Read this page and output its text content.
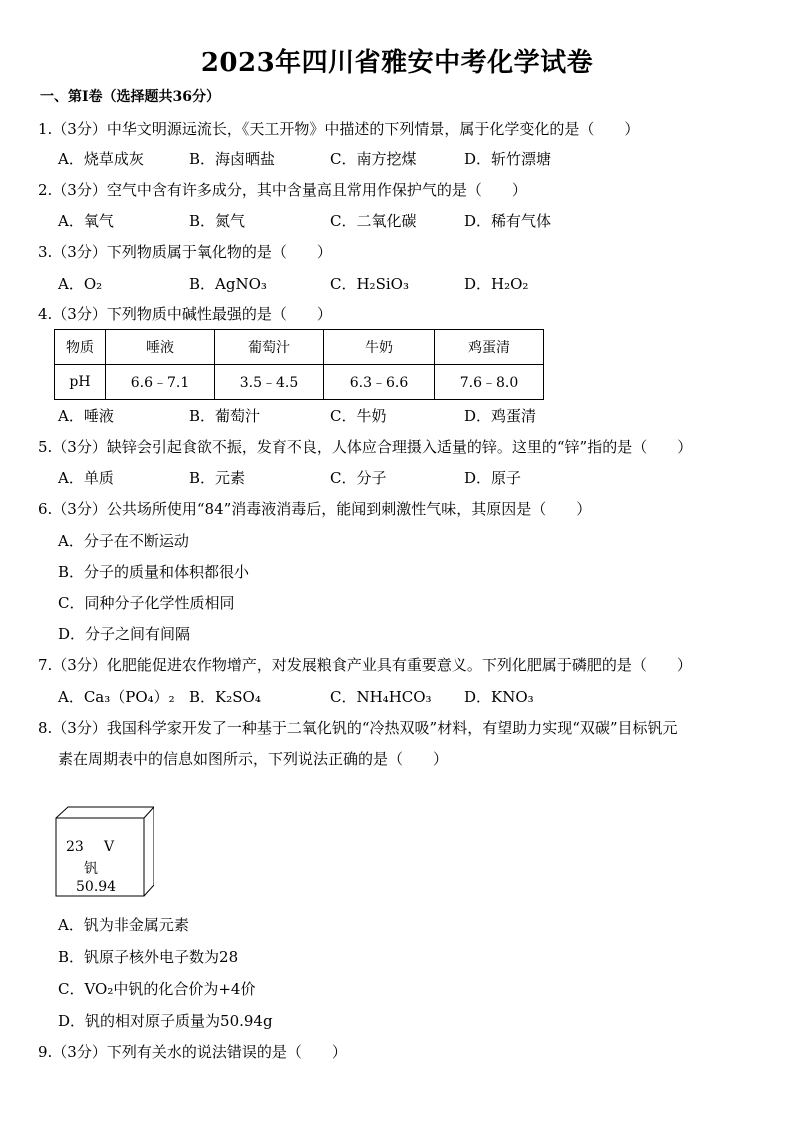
2023年四川省雅安中考化学试卷
一、第Ⅰ卷（选择题共36分）
1.（3分）中华文明源远流长，《天工开物》中描述的下列情景，属于化学变化的是（　　）
A．烧草成灰	B．海卤晒盐	C．南方挖煤	D．斩竹漂塘
2.（3分）空气中含有许多成分，其中含量高且常用作保护气的是（　　）
A．氧气	B．氮气	C．二氧化碳	D．稀有气体
3.（3分）下列物质属于氧化物的是（　　）
A．O₂	B．AgNO₃	C．H₂SiO₃	D．H₂O₂
4.（3分）下列物质中碱性最强的是（　　）
物质	唾液	葡萄汁	牛奶	鸡蛋清
pH	6.6﹣7.1	3.5﹣4.5	6.3﹣6.6	7.6﹣8.0
A．唾液	B．葡萄汁	C．牛奶	D．鸡蛋清
5.（3分）缺锌会引起食欲不振，发育不良，人体应合理摄入适量的锌。这里的“锌”指的是（　　）
A．单质	B．元素	C．分子	D．原子
6.（3分）公共场所使用“84”消毒液消毒后，能闻到刺激性气味，其原因是（　　）
A．分子在不断运动
B．分子的质量和体积都很小
C．同种分子化学性质相同
D．分子之间有间隔
7.（3分）化肥能促进农作物增产，对发展粮食产业具有重要意义。下列化肥属于磷肥的是（　　）
A．Ca₃（PO₄）₂ B．K₂SO₄	C．NH₄HCO₃ D．KNO₃
8.（3分）我国科学家开发了一种基于二氧化钒的“冷热双吸”材料，有望助力实现“双碳”目标钒元
素在周期表中的信息如图所示，下列说法正确的是（　　）
23 V
钒
50.94
A．钒为非金属元素
B．钒原子核外电子数为28
C．VO₂中钒的化合价为+4价
D．钒的相对原子质量为50.94g
9.（3分）下列有关水的说法错误的是（　　）
